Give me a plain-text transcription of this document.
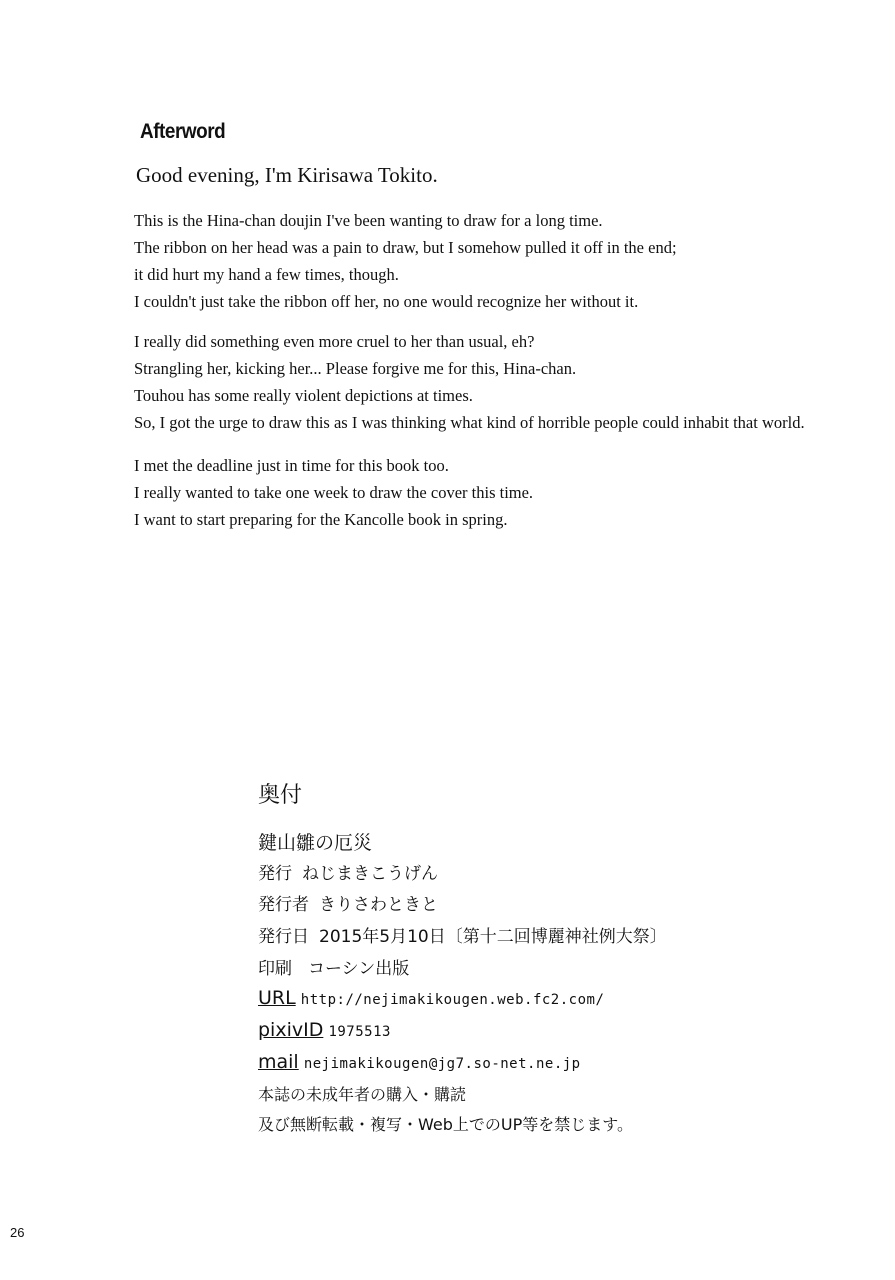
Afterword
Good evening, I'm Kirisawa Tokito.

This is the Hina-chan doujin I've been wanting to draw for a long time.
The ribbon on her head was a pain to draw, but I somehow pulled it off in the end;
it did hurt my hand a few times, though.
I couldn't just take the ribbon off her, no one would recognize her without it.

I really did something even more cruel to her than usual, eh?
Strangling her, kicking her... Please forgive me for this, Hina-chan.
Touhou has some really violent depictions at times.
So, I got the urge to draw this as I was thinking what kind of horrible people could inhabit that world.

I met the deadline just in time for this book too.
I really wanted to take one week to draw the cover this time.
I want to start preparing for the Kancolle book in spring.

奥付
鍵山雛の厄災
発行 ねじまきこうげん
発行者 きりさわときと
発行日 2015年5月10日〔第十二回博麗神社例大祭〕
印刷 コーシン出版
URL http://nejimakikougen.web.fc2.com/
pixivID 1975513
mail nejimakikougen@jg7.so-net.ne.jp
本誌の未成年者の購入・購読
及び無断転載・複写・Web上でのUP等を禁じます。
26
